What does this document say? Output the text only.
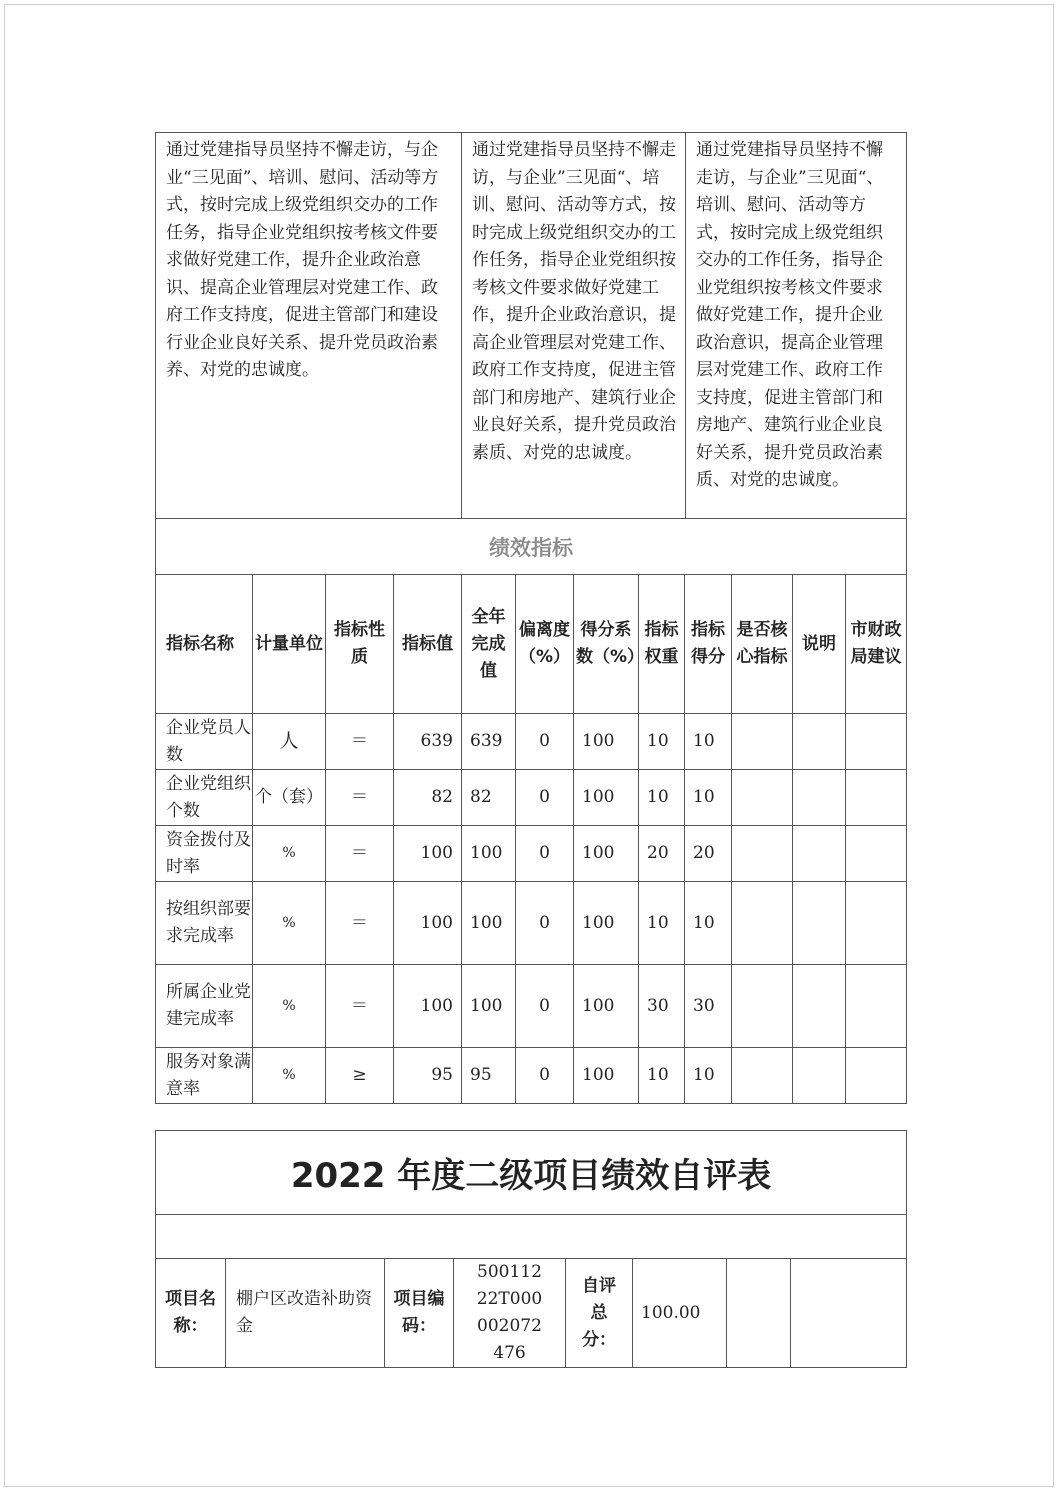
通过党建指导员坚持不懈走访，与企业“三见面”、培训、慰问、活动等方式，按时完成上级党组织交办的工作任务，指导企业党组织按考核文件要求做好党建工作，提升企业政治意识、提高企业管理层对党建工作、政府工作支持度，促进主管部门和建设行业企业良好关系、提升党员政治素养、对党的忠诚度。	通过党建指导员坚持不懈走访，与企业”三见面“、培训、慰问、活动等方式，按时完成上级党组织交办的工作任务，指导企业党组织按考核文件要求做好党建工作，提升企业政治意识，提高企业管理层对党建工作、政府工作支持度，促进主管部门和房地产、建筑行业企业良好关系，提升党员政治素质、对党的忠诚度。	通过党建指导员坚持不懈走访，与企业”三见面“、培训、慰问、活动等方式，按时完成上级党组织交办的工作任务，指导企业党组织按考核文件要求做好党建工作，提升企业政治意识，提高企业管理层对党建工作、政府工作支持度，促进主管部门和房地产、建筑行业企业良好关系，提升党员政治素质、对党的忠诚度。
绩效指标
指标名称	计量单位	指标性质	指标值	全年完成值	偏离度（%）	得分系数（%）	指标权重	指标得分	是否核心指标	说明	市财政局建议
企业党员人数	人	＝	639	639	0	100	10	10			
企业党组织个数	个（套）	＝	82	82	0	100	10	10			
资金拨付及时率	%	＝	100	100	0	100	20	20			
按组织部要求完成率	%	＝	100	100	0	100	10	10			
所属企业党建完成率	%	＝	100	100	0	100	30	30			
服务对象满意率	%	≥	95	95	0	100	10	10			
2022 年度二级项目绩效自评表

项目名称：	棚户区改造补助资金	项目编码：	50011222T000002072476	自评总分：	100.00		
